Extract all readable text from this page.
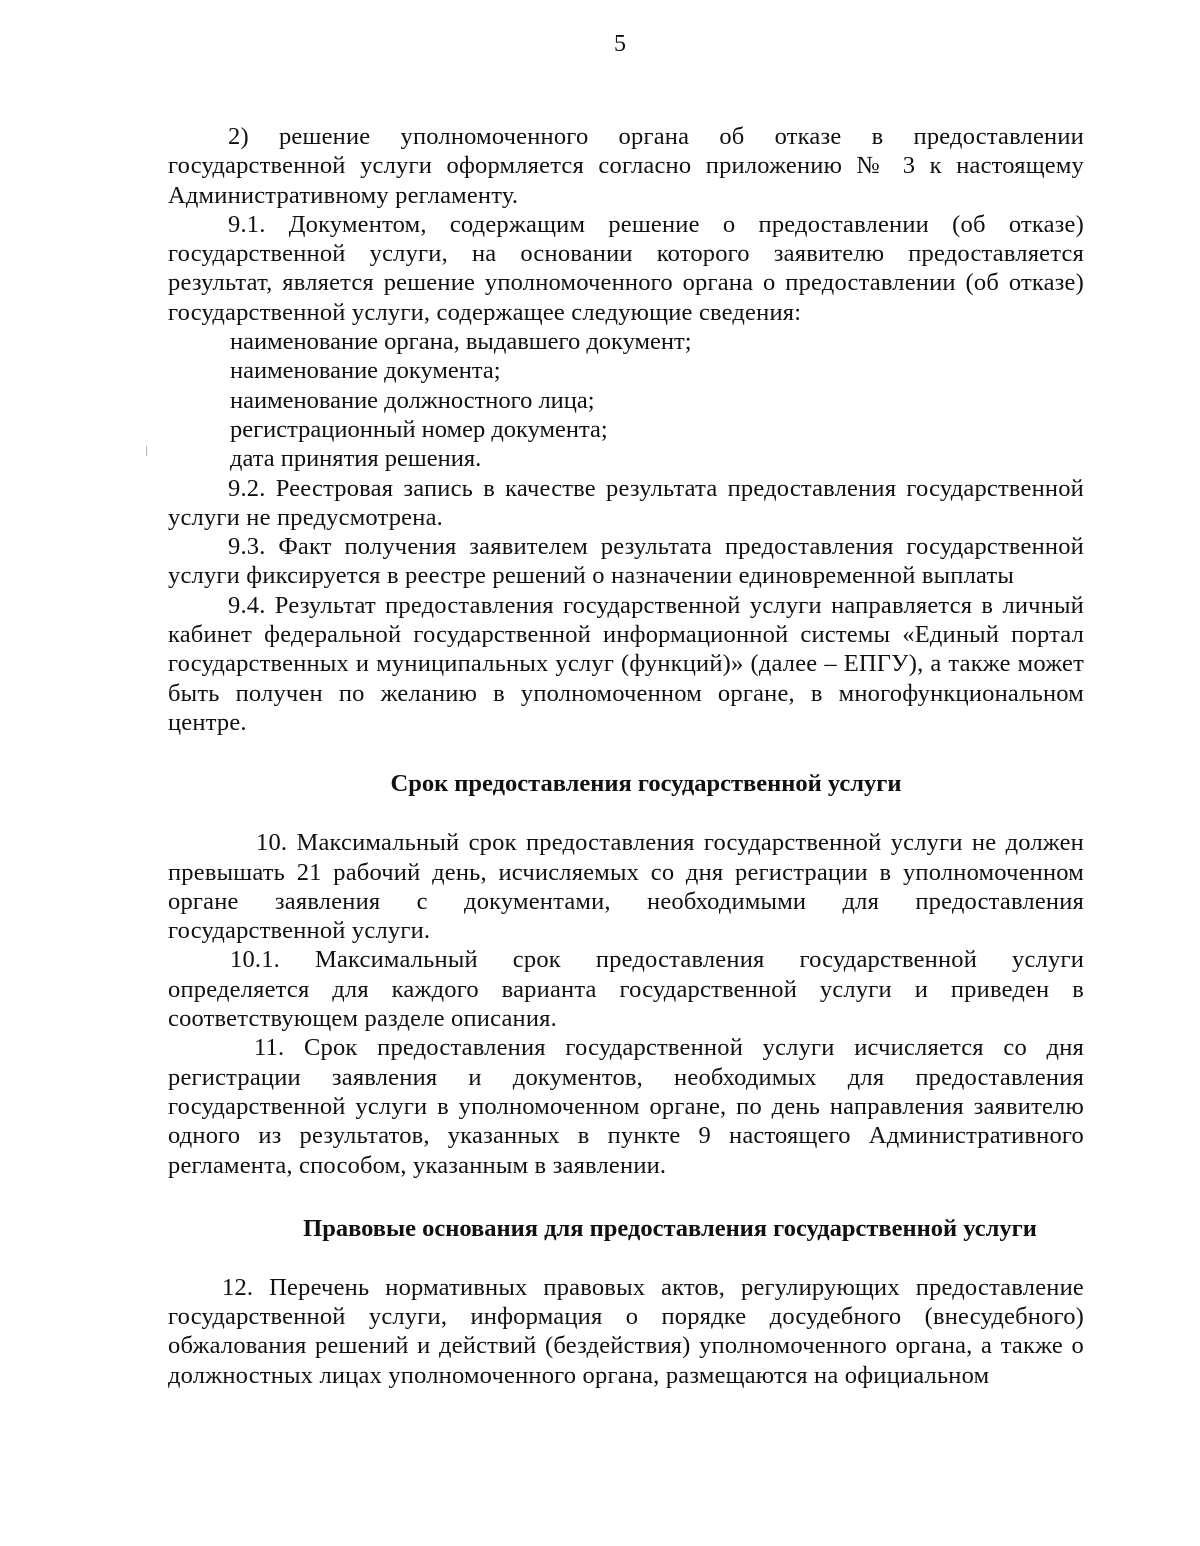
5

2) решение уполномоченного органа об отказе в предоставлении государственной услуги оформляется согласно приложению № 3 к настоящему Административному регламенту.

9.1. Документом, содержащим решение о предоставлении (об отказе) государственной услуги, на основании которого заявителю предоставляется результат, является решение уполномоченного органа о предоставлении (об отказе) государственной услуги, содержащее следующие сведения:

наименование органа, выдавшего документ;

наименование документа;

наименование должностного лица;

регистрационный номер документа;

дата принятия решения.

9.2. Реестровая запись в качестве результата предоставления государственной услуги не предусмотрена.

9.3. Факт получения заявителем результата предоставления государственной услуги фиксируется в реестре решений о назначении единовременной выплаты

9.4. Результат предоставления государственной услуги направляется в личный кабинет федеральной государственной информационной системы «Единый портал государственных и муниципальных услуг (функций)» (далее – ЕПГУ), а также может быть получен по желанию в уполномоченном органе, в многофункциональном центре.

Срок предоставления государственной услуги

10. Максимальный срок предоставления государственной услуги не должен превышать 21 рабочий день, исчисляемых со дня регистрации в уполномоченном органе заявления с документами, необходимыми для предоставления государственной услуги.

10.1. Максимальный срок предоставления государственной услуги определяется для каждого варианта государственной услуги и приведен в соответствующем разделе описания.

11. Срок предоставления государственной услуги исчисляется со дня регистрации заявления и документов, необходимых для предоставления государственной услуги в уполномоченном органе, по день направления заявителю одного из результатов, указанных в пункте 9 настоящего Административного регламента, способом, указанным в заявлении.

Правовые основания для предоставления государственной услуги

12. Перечень нормативных правовых актов, регулирующих предоставление государственной услуги, информация о порядке досудебного (внесудебного) обжалования решений и действий (бездействия) уполномоченного органа, а также о должностных лицах уполномоченного органа, размещаются на официальном
